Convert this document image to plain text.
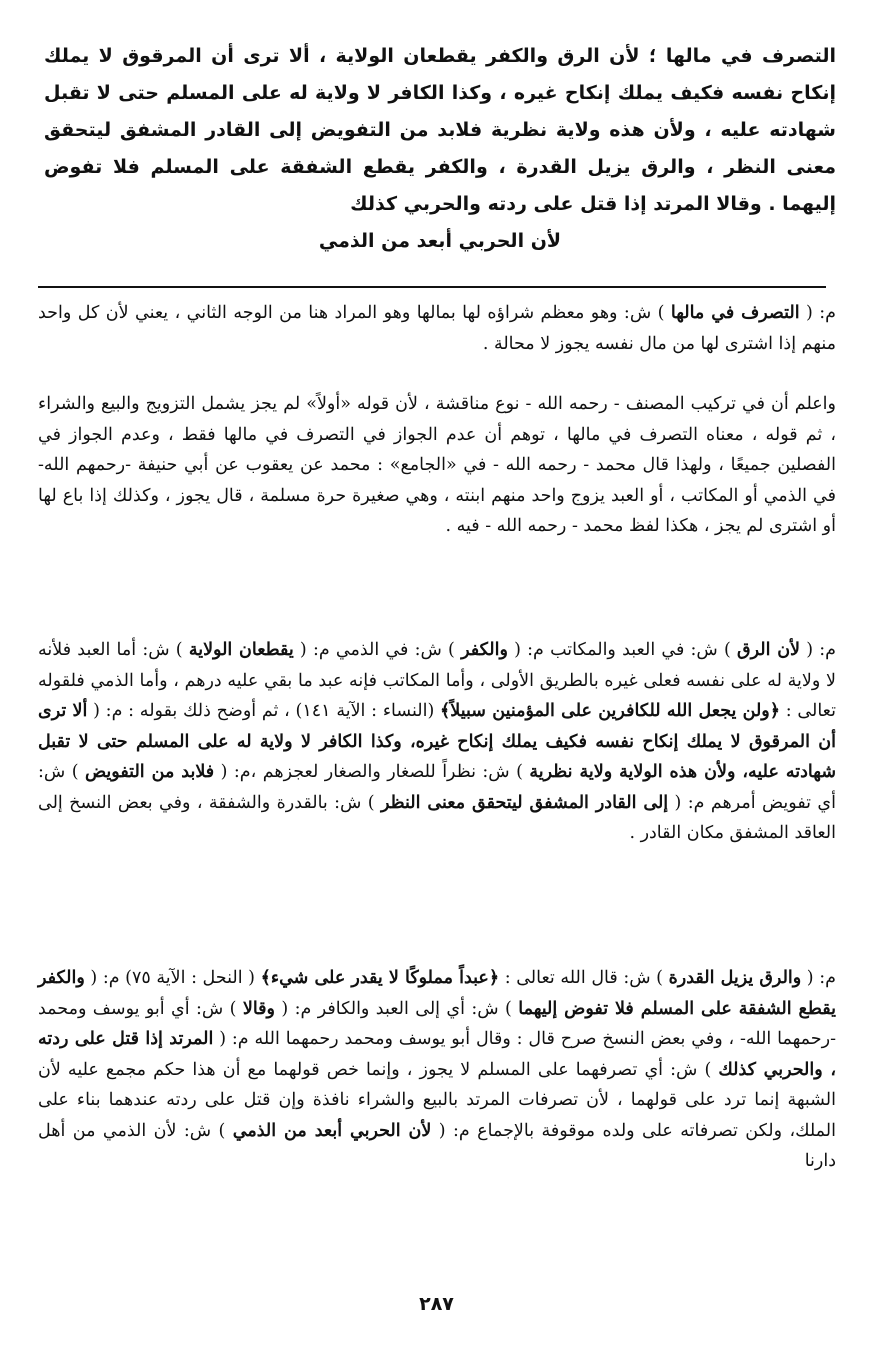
التصرف في مالها ؛ لأن الرق والكفر يقطعان الولاية ، ألا ترى أن المرقوق لا يملك إنكاح نفسه فكيف يملك إنكاح غيره ، وكذا الكافر لا ولاية له على المسلم حتى لا تقبل شهادته عليه ، ولأن هذه ولاية نظرية فلابد من التفويض إلى القادر المشفق ليتحقق معنى النظر ، والرق يزيل القدرة ، والكفر يقطع الشفقة على المسلم فلا تفوض إليهما . وقالا المرتد إذا قتل على ردته والحربي كذلك
لأن الحربي أبعد من الذمي

م: ( التصرف في مالها ) ش: وهو معظم شراؤه لها بمالها وهو المراد هنا من الوجه الثاني ، يعني لأن كل واحد منهم إذا اشترى لها من مال نفسه يجوز لا محالة .

واعلم أن في تركيب المصنف - رحمه الله - نوع مناقشة ، لأن قوله «أولاً» لم يجز يشمل التزويج والبيع والشراء ، ثم قوله ، معناه التصرف في مالها ، توهم أن عدم الجواز في التصرف في مالها فقط ، وعدم الجواز في الفصلين جميعًا ، ولهذا قال محمد - رحمه الله - في «الجامع» : محمد عن يعقوب عن أبي حنيفة -رحمهم الله- في الذمي أو المكاتب ، أو العبد يزوج واحد منهم ابنته ، وهي صغيرة حرة مسلمة ، قال يجوز ، وكذلك إذا باع لها أو اشترى لم يجز ، هكذا لفظ محمد - رحمه الله - فيه .

م: ( لأن الرق ) ش: في العبد والمكاتب م: ( والكفر ) ش: في الذمي م: ( يقطعان الولاية ) ش: أما العبد فلأنه لا ولاية له على نفسه فعلى غيره بالطريق الأولى ، وأما المكاتب فإنه عبد ما بقي عليه درهم ، وأما الذمي فلقوله تعالى : ﴿ولن يجعل الله للكافرين على المؤمنين سبيلاً﴾ (النساء : الآية ١٤١) ، ثم أوضح ذلك بقوله : م: ( ألا ترى أن المرقوق لا يملك إنكاح نفسه فكيف يملك إنكاح غيره، وكذا الكافر لا ولاية له على المسلم حتى لا تقبل شهادته عليه، ولأن هذه الولاية ولاية نظرية ) ش: نظراً للصغار والصغار لعجزهم ،م: ( فلابد من التفويض ) ش: أي تفويض أمرهم م: ( إلى القادر المشفق ليتحقق معنى النظر ) ش: بالقدرة والشفقة ، وفي بعض النسخ إلى العاقد المشفق مكان القادر .

م: ( والرق يزيل القدرة ) ش: قال الله تعالى : ﴿عبداً مملوكًا لا يقدر على شيء﴾ ( النحل : الآية ٧٥) م: ( والكفر يقطع الشفقة على المسلم فلا تفوض إليهما ) ش: أي إلى العبد والكافر م: ( وقالا ) ش: أي أبو يوسف ومحمد -رحمهما الله- ، وفي بعض النسخ صرح قال : وقال أبو يوسف ومحمد رحمهما الله م: ( المرتد إذا قتل على ردته ، والحربي كذلك ) ش: أي تصرفهما على المسلم لا يجوز ، وإنما خص قولهما مع أن هذا حكم مجمع عليه لأن الشبهة إنما ترد على قولهما ، لأن تصرفات المرتد بالبيع والشراء نافذة وإن قتل على ردته عندهما بناء على الملك، ولكن تصرفاته على ولده موقوفة بالإجماع م: ( لأن الحربي أبعد من الذمي ) ش: لأن الذمي من أهل دارنا

٢٨٧
